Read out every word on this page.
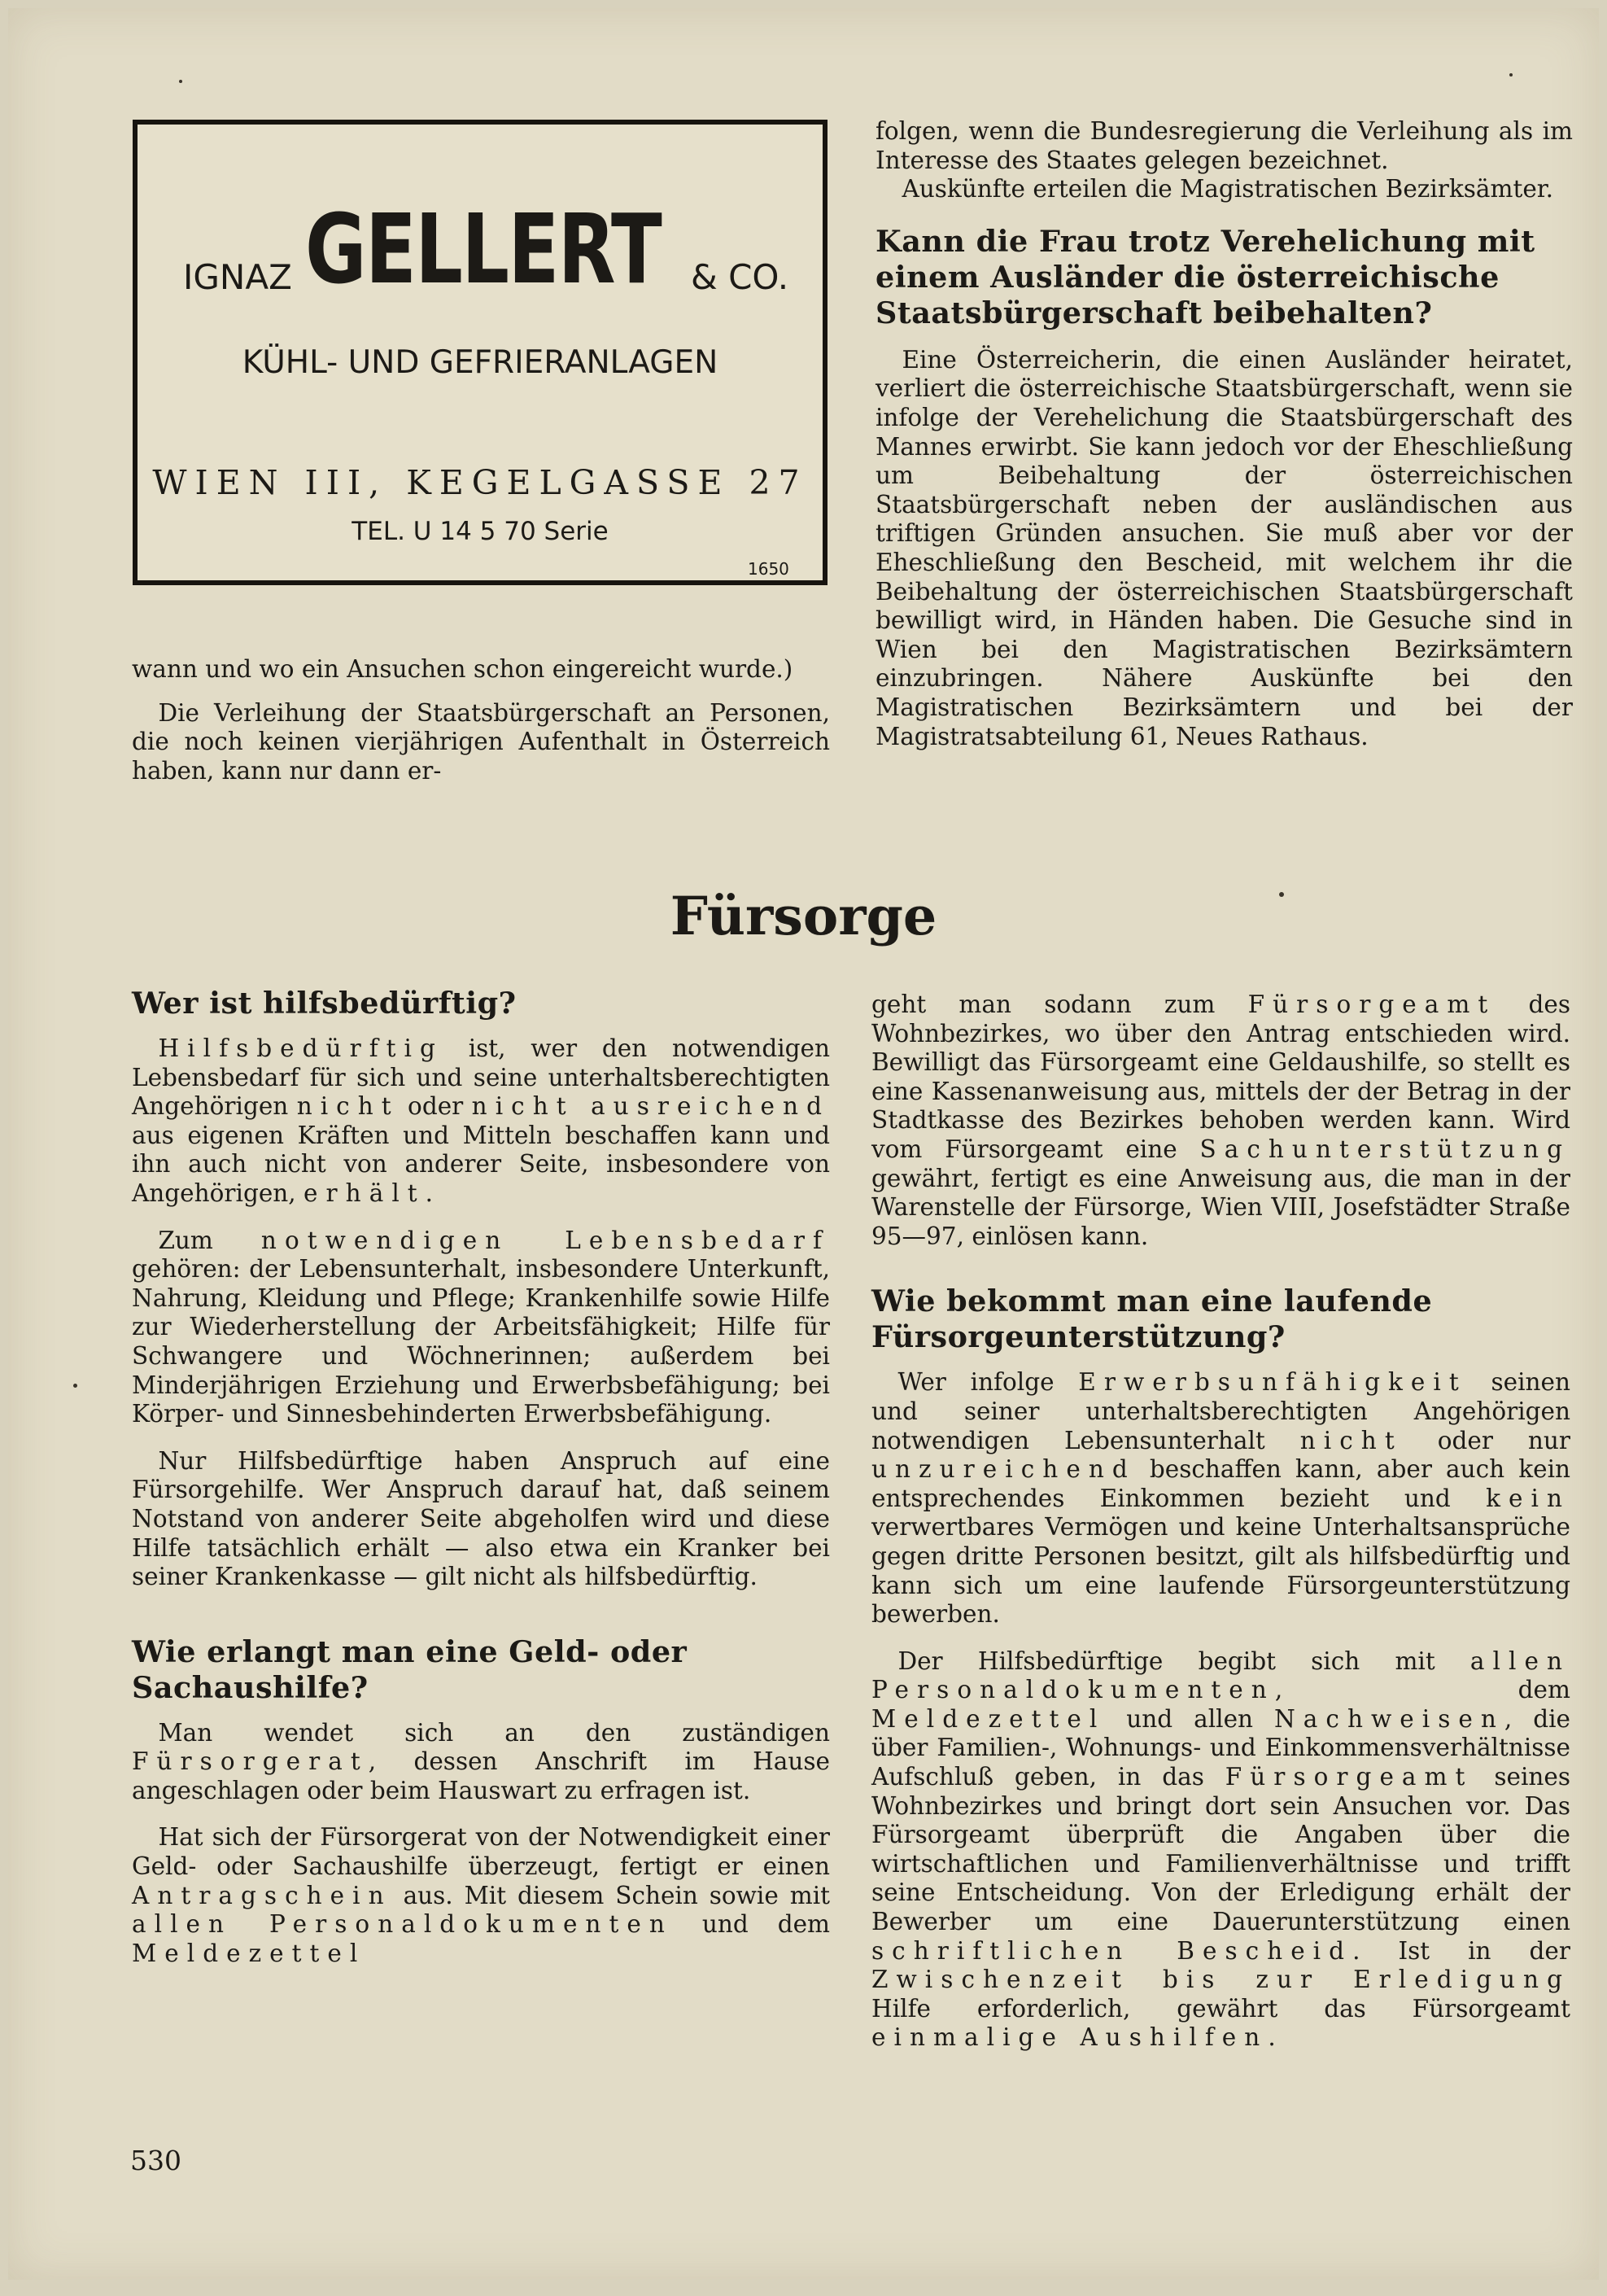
IGNAZ GELLERT & CO.
KÜHL- UND GEFRIERANLAGEN
WIEN III, KEGELGASSE 27
TEL. U 14 5 70 Serie
1650

wann und wo ein Ansuchen schon eingereicht wurde.)

Die Verleihung der Staatsbürgerschaft an Personen, die noch keinen vierjährigen Aufenthalt in Österreich haben, kann nur dann er-

folgen, wenn die Bundesregierung die Verleihung als im Interesse des Staates gelegen bezeichnet.

Auskünfte erteilen die Magistratischen Bezirksämter.

Kann die Frau trotz Verehelichung mit einem Ausländer die österreichische Staatsbürgerschaft beibehalten?

Eine Österreicherin, die einen Ausländer heiratet, verliert die österreichische Staatsbürgerschaft, wenn sie infolge der Verehelichung die Staatsbürgerschaft des Mannes erwirbt. Sie kann jedoch vor der Eheschließung um Beibehaltung der österreichischen Staatsbürgerschaft neben der ausländischen aus triftigen Gründen ansuchen. Sie muß aber vor der Eheschließung den Bescheid, mit welchem ihr die Beibehaltung der österreichischen Staatsbürgerschaft bewilligt wird, in Händen haben. Die Gesuche sind in Wien bei den Magistratischen Bezirksämtern einzubringen. Nähere Auskünfte bei den Magistratischen Bezirksämtern und bei der Magistratsabteilung 61, Neues Rathaus.

Fürsorge
Wer ist hilfsbedürftig?

Hilfsbedürftig ist, wer den notwendigen Lebensbedarf für sich und seine unterhaltsberechtigten Angehörigen nicht oder nicht ausreichend aus eigenen Kräften und Mitteln beschaffen kann und ihn auch nicht von anderer Seite, insbesondere von Angehörigen, erhält.

Zum notwendigen Lebensbedarf gehören: der Lebensunterhalt, insbesondere Unterkunft, Nahrung, Kleidung und Pflege; Krankenhilfe sowie Hilfe zur Wiederherstellung der Arbeitsfähigkeit; Hilfe für Schwangere und Wöchnerinnen; außerdem bei Minderjährigen Erziehung und Erwerbsbefähigung; bei Körper- und Sinnesbehinderten Erwerbsbefähigung.

Nur Hilfsbedürftige haben Anspruch auf eine Fürsorgehilfe. Wer Anspruch darauf hat, daß seinem Notstand von anderer Seite abgeholfen wird und diese Hilfe tatsächlich erhält — also etwa ein Kranker bei seiner Krankenkasse — gilt nicht als hilfsbedürftig.

Wie erlangt man eine Geld- oder Sachaushilfe?

Man wendet sich an den zuständigen Fürsorgerat, dessen Anschrift im Hause angeschlagen oder beim Hauswart zu erfragen ist.

Hat sich der Fürsorgerat von der Notwendigkeit einer Geld- oder Sachaushilfe überzeugt, fertigt er einen Antragschein aus. Mit diesem Schein sowie mit allen Personaldokumenten und dem Meldezettel

geht man sodann zum Fürsorgeamt des Wohnbezirkes, wo über den Antrag entschieden wird. Bewilligt das Fürsorgeamt eine Geldaushilfe, so stellt es eine Kassenanweisung aus, mittels der der Betrag in der Stadtkasse des Bezirkes behoben werden kann. Wird vom Fürsorgeamt eine Sachunterstützung gewährt, fertigt es eine Anweisung aus, die man in der Warenstelle der Fürsorge, Wien VIII, Josefstädter Straße 95—97, einlösen kann.

Wie bekommt man eine laufende Fürsorgeunterstützung?

Wer infolge Erwerbsunfähigkeit seinen und seiner unterhaltsberechtigten Angehörigen notwendigen Lebensunterhalt nicht oder nur unzureichend beschaffen kann, aber auch kein entsprechendes Einkommen bezieht und kein verwertbares Vermögen und keine Unterhaltsansprüche gegen dritte Personen besitzt, gilt als hilfsbedürftig und kann sich um eine laufende Fürsorgeunterstützung bewerben.

Der Hilfsbedürftige begibt sich mit allen Personaldokumenten, dem Meldezettel und allen Nachweisen, die über Familien-, Wohnungs- und Einkommensverhältnisse Aufschluß geben, in das Fürsorgeamt seines Wohnbezirkes und bringt dort sein Ansuchen vor. Das Fürsorgeamt überprüft die Angaben über die wirtschaftlichen und Familienverhältnisse und trifft seine Entscheidung. Von der Erledigung erhält der Bewerber um eine Dauerunterstützung einen schriftlichen Bescheid. Ist in der Zwischenzeit bis zur Erledigung Hilfe erforderlich, gewährt das Fürsorgeamt einmalige Aushilfen.

530
